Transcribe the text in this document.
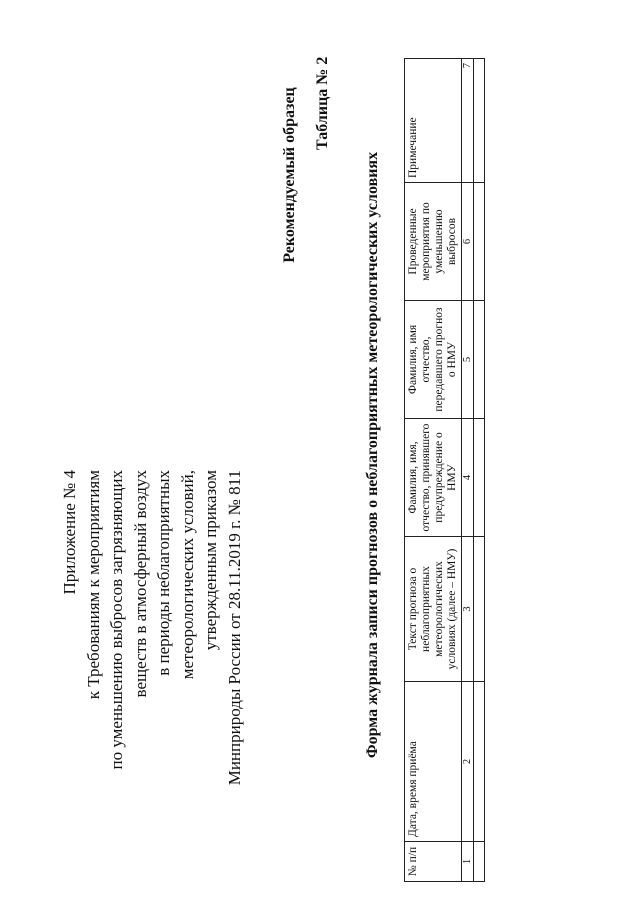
Приложение № 4 к Требованиям к мероприятиям по уменьшению выбросов загрязняющих веществ в атмосферный воздух в периоды неблагоприятных метеорологических условий, утвержденным приказом Минприроды России от 28.11.2019 г. № 811
Рекомендуемый образец Таблица № 2
Форма журнала записи прогнозов о неблагоприятных метеорологических условиях
№ п/п	Дата, время приёма	Текст прогноза о неблагоприятных метеорологических условиях (далее – НМУ)	Фамилия, имя, отчество, принявшего предупреждение о НМУ	Фамилия, имя отчество, передавшего прогноз о НМУ	Проведенные мероприятия по уменьшению выбросов	Примечание
1	2	3	4	5	6	7
